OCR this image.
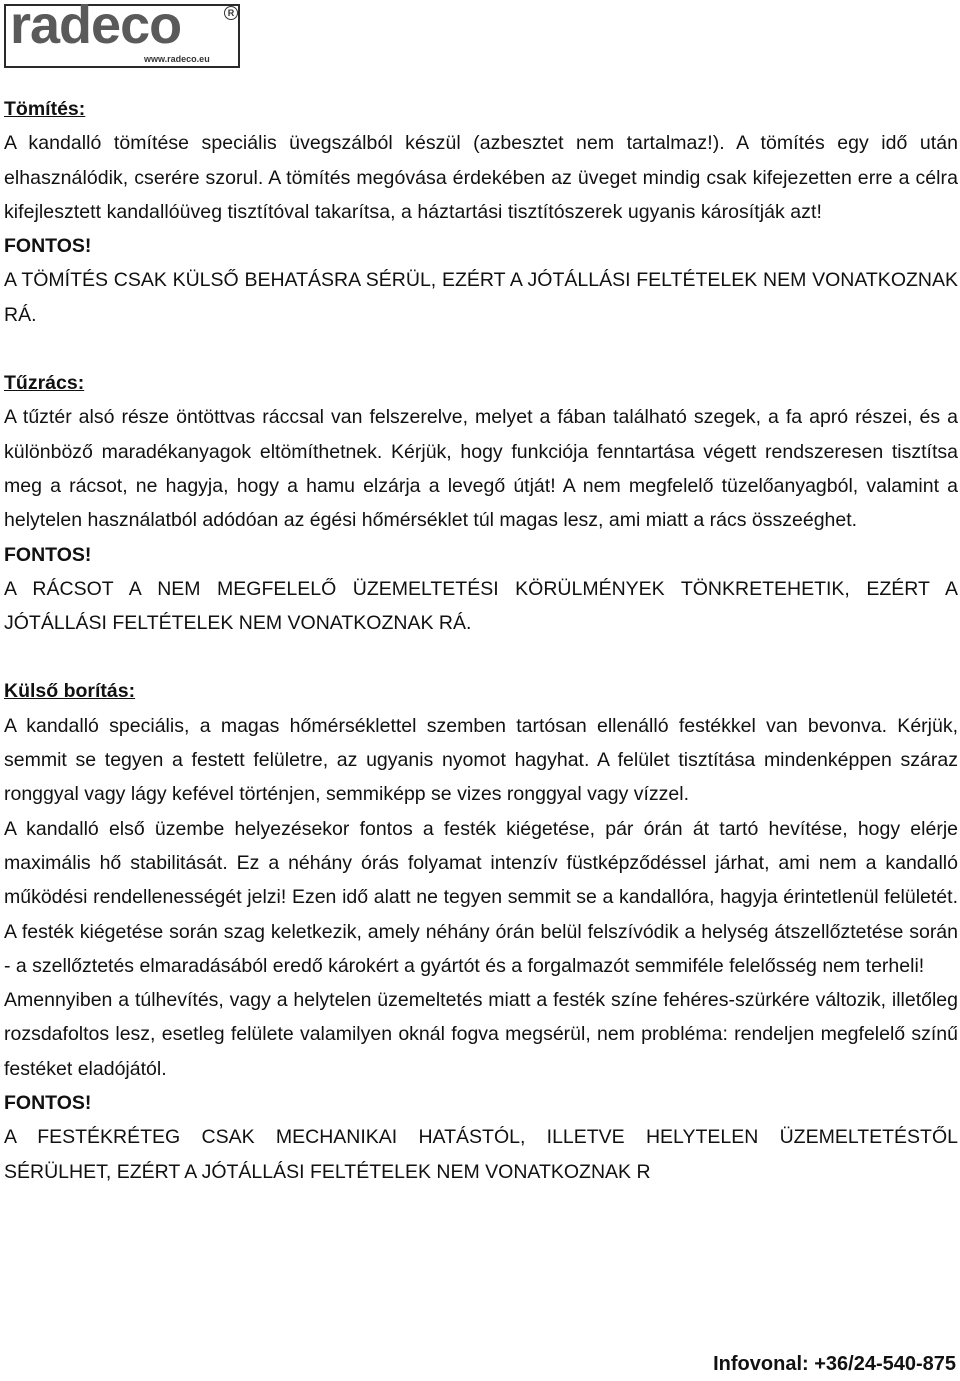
radeco	R
www.radeco.eu
Tömítés:

A kandalló tömítése speciális üvegszálból készül (azbesztet nem tartalmaz!). A tömítés egy idő után elhasználódik, cserére szorul. A tömítés megóvása érdekében az üveget mindig csak kifejezetten erre a célra kifejlesztett kandallóüveg tisztítóval takarítsa, a háztartási tisztítószerek ugyanis károsítják azt!

FONTOS!

A TÖMÍTÉS CSAK KÜLSŐ BEHATÁSRA SÉRÜL, EZÉRT A JÓTÁLLÁSI FELTÉTELEK NEM VONATKOZNAK RÁ.

Tűzrács:

A tűztér alsó része öntöttvas ráccsal van felszerelve, melyet a fában található szegek, a fa apró részei, és a különböző maradékanyagok eltömíthetnek. Kérjük, hogy funkciója fenntartása végett rendszeresen tisztítsa meg a rácsot, ne hagyja, hogy a hamu elzárja a levegő útját! A nem megfelelő tüzelőanyagból, valamint a helytelen használatból adódóan az égési hőmérséklet túl magas lesz, ami miatt a rács összeéghet.

FONTOS!

A RÁCSOT A NEM MEGFELELŐ ÜZEMELTETÉSI KÖRÜLMÉNYEK TÖNKRETEHETIK, EZÉRT A JÓTÁLLÁSI FELTÉTELEK NEM VONATKOZNAK RÁ.

Külső borítás:

A kandalló speciális, a magas hőmérséklettel szemben tartósan ellenálló festékkel van bevonva. Kérjük, semmit se tegyen a festett felületre, az ugyanis nyomot hagyhat. A felület tisztítása mindenképpen száraz ronggyal vagy lágy kefével történjen, semmiképp se vizes ronggyal vagy vízzel.

A kandalló első üzembe helyezésekor fontos a festék kiégetése, pár órán át tartó hevítése, hogy elérje maximális hő stabilitását. Ez a néhány órás folyamat intenzív füstképződéssel járhat, ami nem a kandalló működési rendellenességét jelzi! Ezen idő alatt ne tegyen semmit se a kandallóra, hagyja érintetlenül felületét. A festék kiégetése során szag keletkezik, amely néhány órán belül felszívódik a helység átszellőztetése során - a szellőztetés elmaradásából eredő károkért a gyártót és a forgalmazót semmiféle felelősség nem terheli!

Amennyiben a túlhevítés, vagy a helytelen üzemeltetés miatt a festék színe fehéres-szürkére változik, illetőleg rozsdafoltos lesz, esetleg felülete valamilyen oknál fogva megsérül, nem probléma: rendeljen megfelelő színű festéket eladójától.

FONTOS!

A FESTÉKRÉTEG CSAK MECHANIKAI HATÁSTÓL, ILLETVE HELYTELEN ÜZEMELTETÉSTŐL SÉRÜLHET, EZÉRT A JÓTÁLLÁSI FELTÉTELEK NEM VONATKOZNAK R

Infovonal: +36/24-540-875
